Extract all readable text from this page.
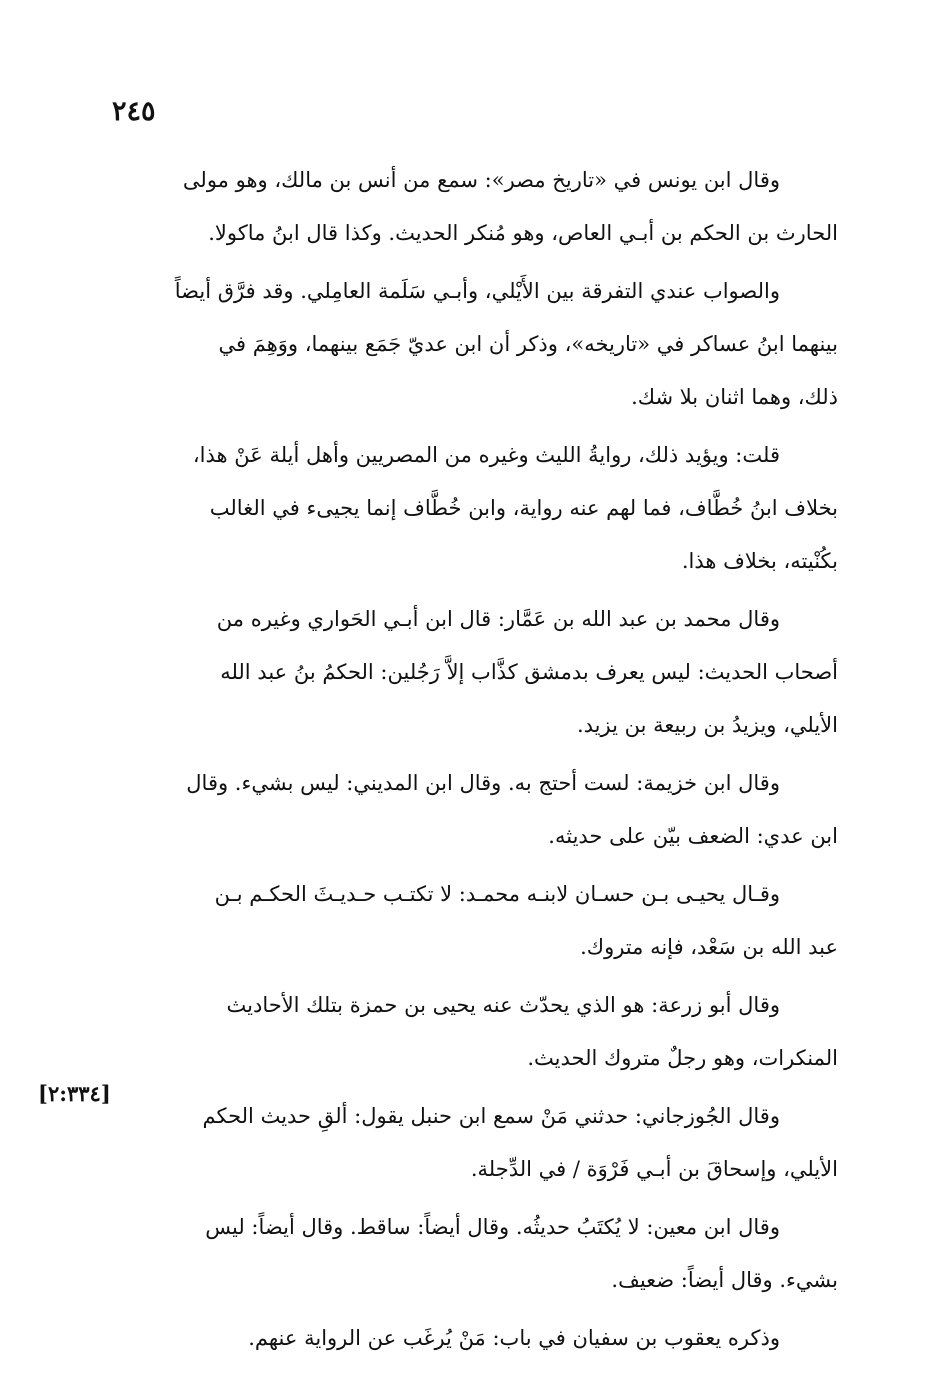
٢٤٥
[٢:٣٣٤]
وقال ابن يونس في «تاريخ مصر»: سمع من أنس بن مالك، وهو مولى
الحارث بن الحكم بن أبـي العاص، وهو مُنكر الحديث. وكذا قال ابنُ ماكولا.
والصواب عندي التفرقة بين الأَيْلي، وأبـي سَلَمة العامِلي. وقد فرَّق أيضاً
بينهما ابنُ عساكر في «تاريخه»، وذكر أن ابن عديّ جَمَع بينهما، ووَهِمَ في
ذلك، وهما اثنان بلا شك.
قلت: ويؤيد ذلك، روايةُ الليث وغيره من المصريين وأهل أيلة عَنْ هذا،
بخلاف ابنُ خُطَّاف، فما لهم عنه رواية، وابن خُطَّاف إنما يجيىء في الغالب
بكُنْيته، بخلاف هذا.
وقال محمد بن عبد الله بن عَمَّار: قال ابن أبـي الحَواري وغيره من
أصحاب الحديث: ليس يعرف بدمشق كذَّاب إلاَّ رَجُلين: الحكمُ بنُ عبد الله
الأيلي، ويزيدُ بن ربيعة بن يزيد.
وقال ابن خزيمة: لست أحتج به. وقال ابن المديني: ليس بشيء. وقال
ابن عدي: الضعف بيّن على حديثه.
وقـال يحيـى بـن حسـان لابنـه محمـد: لا تكتـب حـديـثَ الحكـم بـن
عبد الله بن سَعْد، فإنه متروك.
وقال أبو زرعة: هو الذي يحدّث عنه يحيى بن حمزة بتلك الأحاديث
المنكرات، وهو رجلٌ متروك الحديث.
وقال الجُوزجاني: حدثني مَنْ سمع ابن حنبل يقول: ألقِ حديث الحكم
الأيلي، وإسحاقَ بن أبـي فَرْوَة / في الدِّجلة.
وقال ابن معين: لا يُكتَبُ حديثُه. وقال أيضاً: ساقط. وقال أيضاً: ليس
بشيء. وقال أيضاً: ضعيف.
وذكره يعقوب بن سفيان في باب: مَنْ يُرغَب عن الرواية عنهم.
